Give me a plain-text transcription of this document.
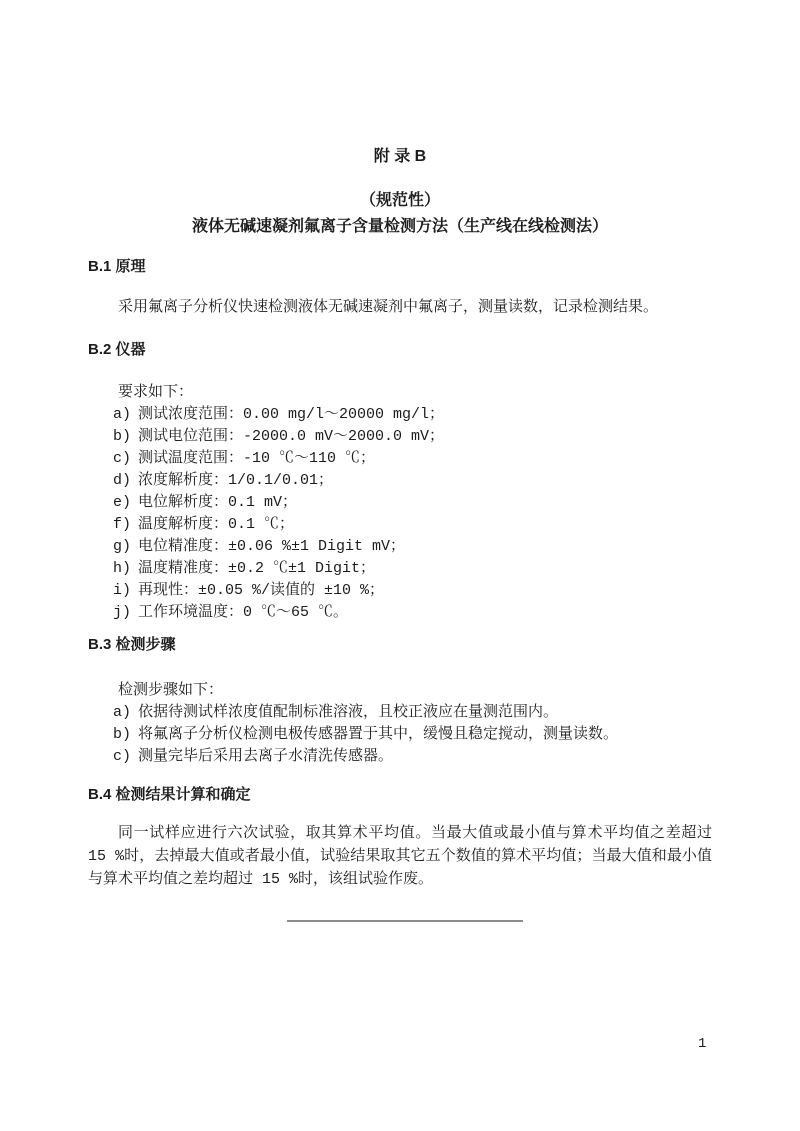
附 录 B

（规范性）

液体无碱速凝剂氟离子含量检测方法（生产线在线检测法）

B.1 原理

采用氟离子分析仪快速检测液体无碱速凝剂中氟离子，测量读数，记录检测结果。

B.2 仪器

要求如下：

a) 测试浓度范围：0.00 mg/l～20000 mg/l；
b) 测试电位范围：-2000.0 mV～2000.0 mV；
c) 测试温度范围：-10 ℃～110 ℃；
d) 浓度解析度：1/0.1/0.01；
e) 电位解析度：0.1 mV；
f) 温度解析度：0.1 ℃；
g) 电位精准度：±0.06 %±1 Digit mV；
h) 温度精准度：±0.2 ℃±1 Digit；
i) 再现性：±0.05 %/读值的 ±10 %；
j) 工作环境温度：0 ℃～65 ℃。
B.3 检测步骤

检测步骤如下：

a) 依据待测试样浓度值配制标准溶液，且校正液应在量测范围内。
b) 将氟离子分析仪检测电极传感器置于其中，缓慢且稳定搅动，测量读数。
c) 测量完毕后采用去离子水清洗传感器。
B.4 检测结果计算和确定

同一试样应进行六次试验，取其算术平均值。当最大值或最小值与算术平均值之差超过 15 %时，去掉最大值或者最小值，试验结果取其它五个数值的算术平均值；当最大值和最小值与算术平均值之差均超过 15 %时，该组试验作废。

1
